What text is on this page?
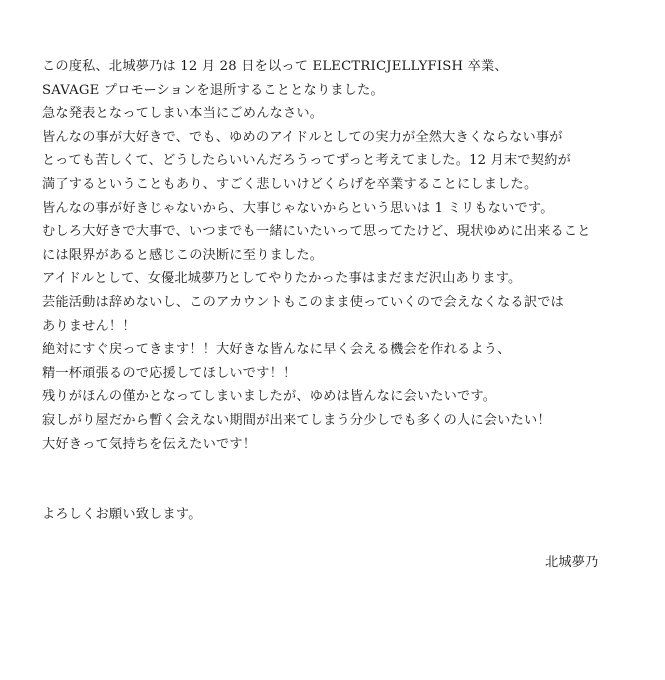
この度私、北城夢乃は 12 月 28 日を以って ELECTRICJELLYFISH 卒業、
SAVAGE プロモーションを退所することとなりました。
急な発表となってしまい本当にごめんなさい。
皆んなの事が大好きで、でも、ゆめのアイドルとしての実力が全然大きくならない事が
とっても苦しくて、どうしたらいいんだろうってずっと考えてました。12 月末で契約が
満了するということもあり、すごく悲しいけどくらげを卒業することにしました。
皆んなの事が好きじゃないから、大事じゃないからという思いは 1 ミリもないです。
むしろ大好きで大事で、いつまでも一緒にいたいって思ってたけど、現状ゆめに出来ること
には限界があると感じこの決断に至りました。
アイドルとして、女優北城夢乃としてやりたかった事はまだまだ沢山あります。
芸能活動は辞めないし、このアカウントもこのまま使っていくので会えなくなる訳では
ありません！！
絶対にすぐ戻ってきます！！大好きな皆んなに早く会える機会を作れるよう、
精一杯頑張るので応援してほしいです！！
残りがほんの僅かとなってしまいましたが、ゆめは皆んなに会いたいです。
寂しがり屋だから暫く会えない期間が出来てしまう分少しでも多くの人に会いたい！
大好きって気持ちを伝えたいです！
よろしくお願い致します。
北城夢乃
